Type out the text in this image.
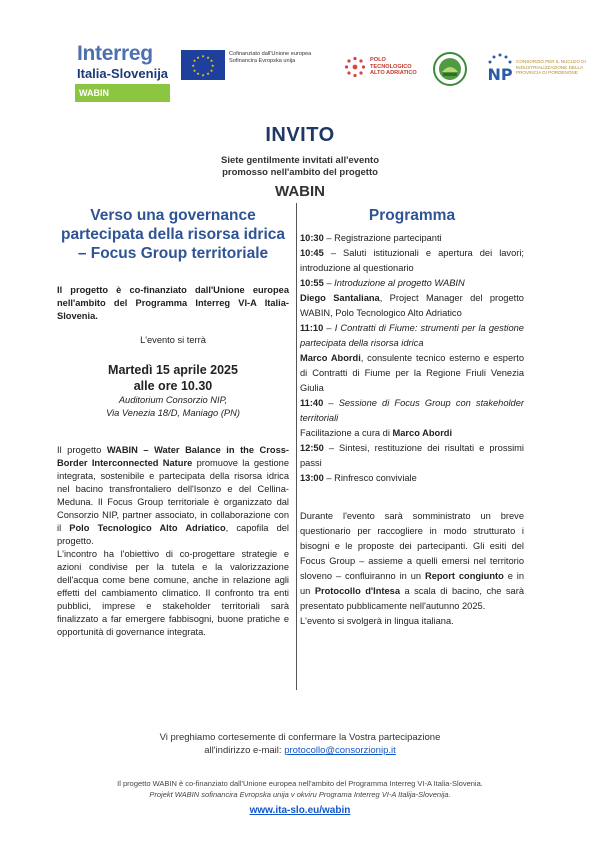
Interreg
Italia-Slovenija
WABIN
★ ★
★
★
★
★
★
★
★
★
★
★
Cofinanziato dall'Unione europea
Sofinancira Evropska unija	POLO
TECNOLOGICO
ALTO ADRIATICO	NP
CONSORZIO PER IL NUCLEO DI INDUSTRIALIZZAZIONE DELLA PROVINCIA DI PORDENONE
INVITO
Siete gentilmente invitati all'evento
promosso nell'ambito del progetto
WABIN
Verso una governance partecipata della risorsa idrica – Focus Group territoriale
Il progetto è co-finanziato dall'Unione europea nell'ambito del Programma Interreg VI-A Italia-Slovenia.
L'evento si terrà
Martedì 15 aprile 2025
alle ore 10.30
Auditorium Consorzio NIP,
Via Venezia 18/D, Maniago (PN)

Il progetto WABIN – Water Balance in the Cross-Border Interconnected Nature promuove la gestione integrata, sostenibile e partecipata della risorsa idrica nel bacino transfrontaliero dell'Isonzo e del Cellina-Meduna. Il Focus Group territoriale è organizzato dal Consorzio NIP, partner associato, in collaborazione con il Polo Tecnologico Alto Adriatico, capofila del progetto.

L'incontro ha l'obiettivo di co-progettare strategie e azioni condivise per la tutela e la valorizzazione dell'acqua come bene comune, anche in relazione agli effetti del cambiamento climatico. Il confronto tra enti pubblici, imprese e stakeholder territoriali sarà finalizzato a far emergere fabbisogni, buone pratiche e opportunità di governance integrata.

Programma
10:30 – Registrazione partecipanti
10:45 – Saluti istituzionali e apertura dei lavori; introduzione al questionario
10:55 – Introduzione al progetto WABIN
Diego Santaliana, Project Manager del progetto WABIN, Polo Tecnologico Alto Adriatico
11:10 – I Contratti di Fiume: strumenti per la gestione partecipata della risorsa idrica
Marco Abordi, consulente tecnico esterno e esperto di Contratti di Fiume per la Regione Friuli Venezia Giulia
11:40 – Sessione di Focus Group con stakeholder territoriali
Facilitazione a cura di Marco Abordi
12:50 – Sintesi, restituzione dei risultati e prossimi passi
13:00 – Rinfresco conviviale
Durante l'evento sarà somministrato un breve questionario per raccogliere in modo strutturato i bisogni e le proposte dei partecipanti. Gli esiti del Focus Group – assieme a quelli emersi nel territorio sloveno – confluiranno in un Report congiunto e in un Protocollo d'Intesa a scala di bacino, che sarà presentato pubblicamente nell'autunno 2025.
L'evento si svolgerà in lingua italiana.
Vi preghiamo cortesemente di confermare la Vostra partecipazione
all'indirizzo e-mail: protocollo@consorzionip.it
Il progetto WABIN è co-finanziato dall'Unione europea nell'ambito del Programma Interreg VI-A Italia-Slovenia.
Projekt WABIN sofinancira Evropska unija v okviru Programa Interreg VI-A Italija-Slovenija.
www.ita-slo.eu/wabin
